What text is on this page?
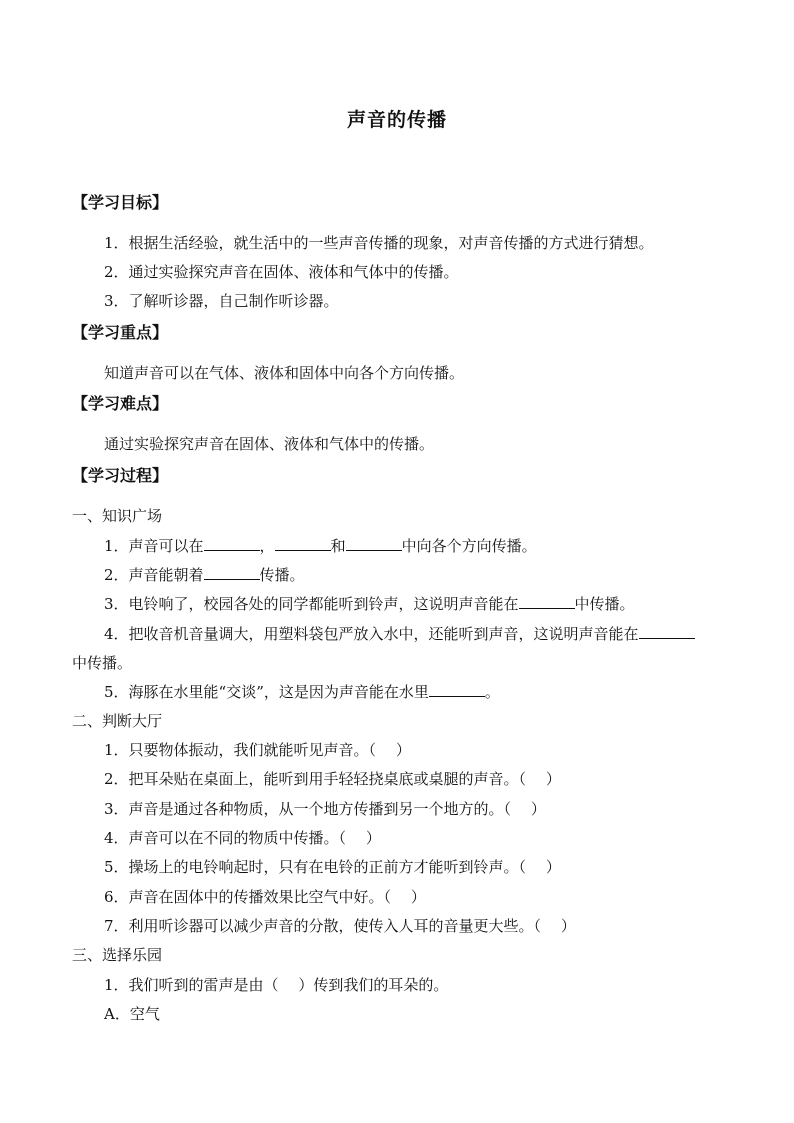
声音的传播
【学习目标】
1．根据生活经验，就生活中的一些声音传播的现象，对声音传播的方式进行猜想。
2．通过实验探究声音在固体、液体和气体中的传播。
3．了解听诊器，自己制作听诊器。
【学习重点】
知道声音可以在气体、液体和固体中向各个方向传播。
【学习难点】
通过实验探究声音在固体、液体和气体中的传播。
【学习过程】
一、知识广场
1．声音可以在	，	和	中向各个方向传播。
2．声音能朝着	传播。
3．电铃响了，校园各处的同学都能听到铃声，这说明声音能在	中传播。
4．把收音机音量调大，用塑料袋包严放入水中，还能听到声音，这说明声音能在
中传播。
5．海豚在水里能“交谈”，这是因为声音能在水里	。
二、判断大厅
1．只要物体振动，我们就能听见声音。（　 ）
2．把耳朵贴在桌面上，能听到用手轻轻挠桌底或桌腿的声音。（　 ）
3．声音是通过各种物质，从一个地方传播到另一个地方的。（　 ）
4．声音可以在不同的物质中传播。（　 ）
5．操场上的电铃响起时，只有在电铃的正前方才能听到铃声。（　 ）
6．声音在固体中的传播效果比空气中好。（　 ）
7．利用听诊器可以减少声音的分散，使传入人耳的音量更大些。（　 ）
三、选择乐园
1．我们听到的雷声是由（　 ）传到我们的耳朵的。
A．空气
